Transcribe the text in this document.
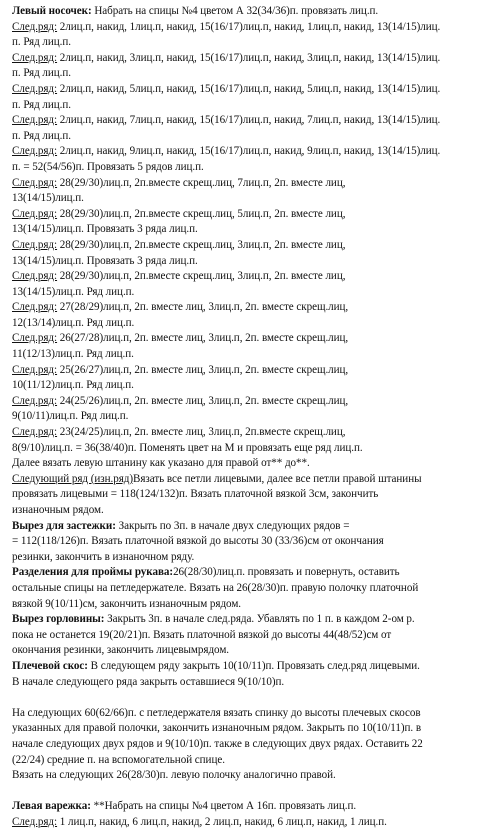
Левый носочек: Набрать на спицы №4 цветом А 32(34/36)п. провязать лиц.п.
След.ряд: 2лиц.п, накид, 1лиц.п, накид, 15(16/17)лиц.п, накид, 1лиц.п, накид, 13(14/15)лиц.
п. Ряд лиц.п.
След.ряд: 2лиц.п, накид, 3лиц.п, накид, 15(16/17)лиц.п, накид, 3лиц.п, накид, 13(14/15)лиц.
п. Ряд лиц.п.
След.ряд: 2лиц.п, накид, 5лиц.п, накид, 15(16/17)лиц.п, накид, 5лиц.п, накид, 13(14/15)лиц.
п. Ряд лиц.п.
След.ряд: 2лиц.п, накид, 7лиц.п, накид, 15(16/17)лиц.п, накид, 7лиц.п, накид, 13(14/15)лиц.
п. Ряд лиц.п.
След.ряд: 2лиц.п, накид, 9лиц.п, накид, 15(16/17)лиц.п, накид, 9лиц.п, накид, 13(14/15)лиц.
п. = 52(54/56)п. Провязать 5 рядов лиц.п.
След.ряд: 28(29/30)лиц.п, 2п.вместе скрещ.лиц, 7лиц.п, 2п. вместе лиц,
13(14/15)лиц.п.
След.ряд: 28(29/30)лиц.п, 2п.вместе скрещ.лиц, 5лиц.п, 2п. вместе лиц,
13(14/15)лиц.п. Провязать 3 ряда лиц.п.
След.ряд: 28(29/30)лиц.п, 2п.вместе скрещ.лиц, 3лиц.п, 2п. вместе лиц,
13(14/15)лиц.п. Провязать 3 ряда лиц.п.
След.ряд: 28(29/30)лиц.п, 2п.вместе скрещ.лиц, 3лиц.п, 2п. вместе лиц,
13(14/15)лиц.п. Ряд лиц.п.
След.ряд: 27(28/29)лиц.п, 2п. вместе лиц, 3лиц.п, 2п. вместе скрещ.лиц,
12(13/14)лиц.п. Ряд лиц.п.
След.ряд: 26(27/28)лиц.п, 2п. вместе лиц, 3лиц.п, 2п. вместе скрещ.лиц,
11(12/13)лиц.п. Ряд лиц.п.
След.ряд: 25(26/27)лиц.п, 2п. вместе лиц, 3лиц.п, 2п. вместе скрещ.лиц,
10(11/12)лиц.п. Ряд лиц.п.
След.ряд: 24(25/26)лиц.п, 2п. вместе лиц, 3лиц.п, 2п. вместе скрещ.лиц,
9(10/11)лиц.п. Ряд лиц.п.
След.ряд: 23(24/25)лиц.п, 2п. вместе лиц, 3лиц.п, 2п.вместе скрещ.лиц,
8(9/10)лиц.п. = 36(38/40)п. Поменять цвет на М и провязать еще ряд лиц.п.
Далее вязать левую штанину как указано для правой от** до**.
Следующий ряд (изн.ряд)Вязать все петли лицевыми, далее все петли правой штанины
провязать лицевыми = 118(124/132)п. Вязать платочной вязкой 3см, закончить
изнаночным рядом.
Вырез для застежки: Закрыть по 3п. в начале двух следующих рядов =
= 112(118/126)п. Вязать платочной вязкой до высоты 30 (33/36)см от окончания
резинки, закончить в изнаночном ряду.
Разделения для проймы рукава:26(28/30)лиц.п. провязать и повернуть, оставить
остальные спицы на петледержателе. Вязать на 26(28/30)п. правую полочку платочной
вязкой 9(10/11)см, закончить изнаночным рядом.
Вырез горловины: Закрыть 3п. в начале след.ряда. Убавлять по 1 п. в каждом 2-ом р.
пока не останется 19(20/21)п. Вязать платочной вязкой до высоты 44(48/52)см от
окончания резинки, закончить лицевымрядом.
Плечевой скос: В следующем ряду закрыть 10(10/11)п. Провязать след.ряд лицевыми.
В начале следующего ряда закрыть оставшиеся 9(10/10)п.
На следующих 60(62/66)п. с петледержателя вязать спинку до высоты плечевых скосов
указанных для правой полочки, закончить изнаночным рядом. Закрыть по 10(10/11)п. в
начале следующих двух рядов и 9(10/10)п. также в следующих двух рядах. Оставить 22
(22/24) средние п. на вспомогательной спице.
Вязать на следующих 26(28/30)п. левую полочку аналогично правой.
Левая варежка: **Набрать на спицы №4 цветом А 16п. провязать лиц.п.
След.ряд: 1 лиц.п, накид, 6 лиц.п, накид, 2 лиц.п, накид, 6 лиц.п, накид, 1 лиц.п.
